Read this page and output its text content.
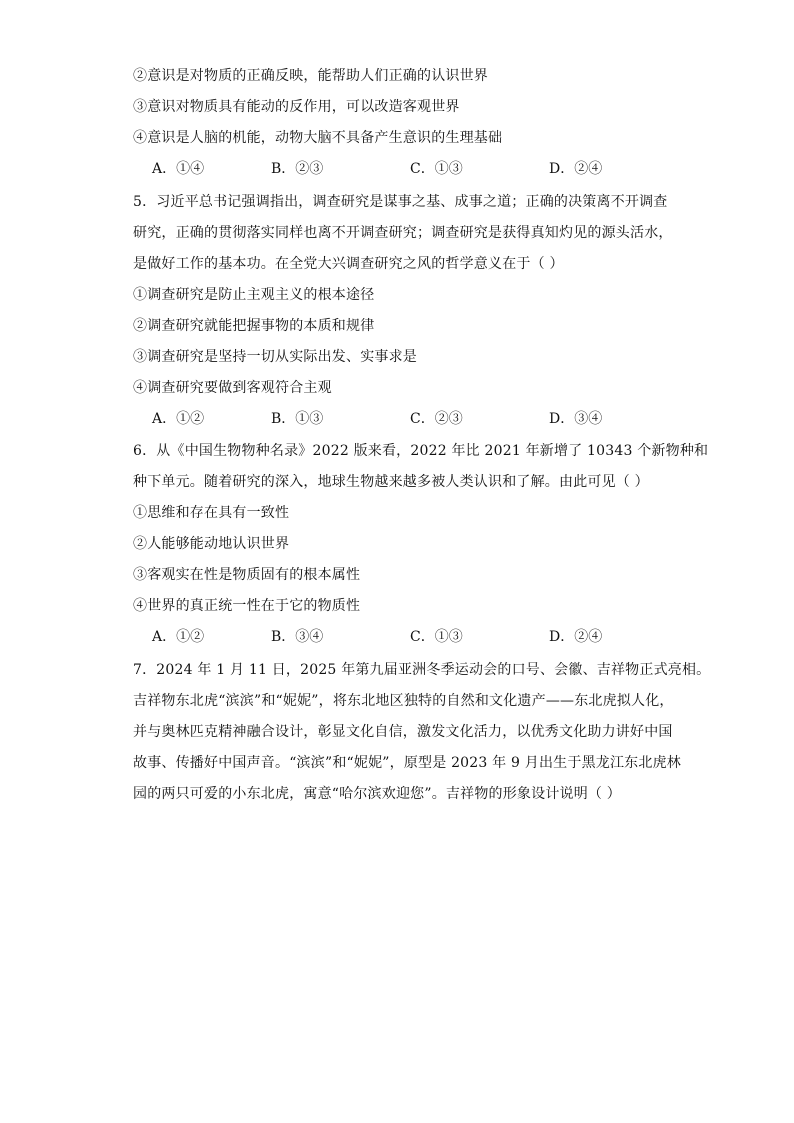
②意识是对物质的正确反映，能帮助人们正确的认识世界
③意识对物质具有能动的反作用，可以改造客观世界
④意识是人脑的机能，动物大脑不具备产生意识的生理基础
A．①④	B．②③	C．①③	D．②④
5．习近平总书记强调指出，调查研究是谋事之基、成事之道；正确的决策离不开调查
研究，正确的贯彻落实同样也离不开调查研究；调查研究是获得真知灼见的源头活水，
是做好工作的基本功。在全党大兴调查研究之风的哲学意义在于（ ）
①调查研究是防止主观主义的根本途径
②调查研究就能把握事物的本质和规律
③调查研究是坚持一切从实际出发、实事求是
④调查研究要做到客观符合主观
A．①②	B．①③	C．②③	D．③④
6．从《中国生物物种名录》2022 版来看，2022 年比 2021 年新增了 10343 个新物种和
种下单元。随着研究的深入，地球生物越来越多被人类认识和了解。由此可见（ ）
①思维和存在具有一致性
②人能够能动地认识世界
③客观实在性是物质固有的根本属性
④世界的真正统一性在于它的物质性
A．①②	B．③④	C．①③	D．②④
7．2024 年 1 月 11 日，2025 年第九届亚洲冬季运动会的口号、会徽、吉祥物正式亮相。
吉祥物东北虎“滨滨”和“妮妮”，将东北地区独特的自然和文化遗产——东北虎拟人化，
并与奥林匹克精神融合设计，彰显文化自信，激发文化活力，以优秀文化助力讲好中国
故事、传播好中国声音。“滨滨”和“妮妮”，原型是 2023 年 9 月出生于黑龙江东北虎林
园的两只可爱的小东北虎，寓意“哈尔滨欢迎您”。吉祥物的形象设计说明（ ）
